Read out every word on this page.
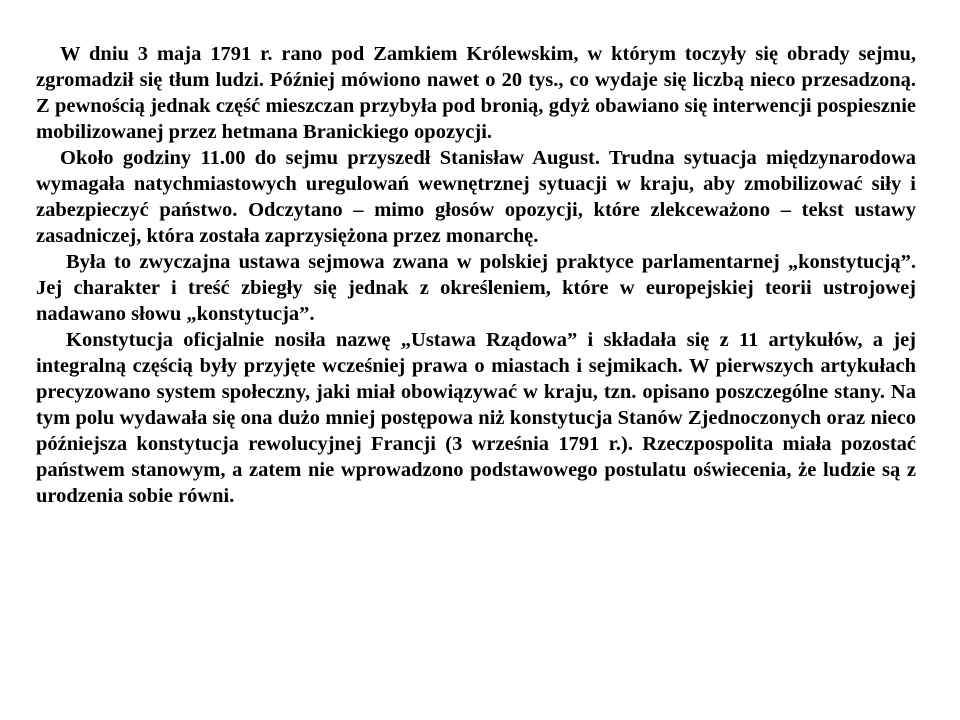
W dniu 3 maja 1791 r. rano pod Zamkiem Królewskim, w którym toczyły się obrady sejmu, zgromadził się tłum ludzi. Później mówiono nawet o 20 tys., co wydaje się liczbą nieco przesadzoną. Z pewnością jednak część mieszczan przybyła pod bronią, gdyż obawiano się interwencji pospiesznie mobilizowanej przez hetmana Branickiego opozycji.

Około godziny 11.00 do sejmu przyszedł Stanisław August. Trudna sytuacja międzynarodowa wymagała natychmiastowych uregulowań wewnętrznej sytuacji w kraju, aby zmobilizować siły i zabezpieczyć państwo. Odczytano – mimo głosów opozycji, które zlekceważono – tekst ustawy zasadniczej, która została zaprzysiężona przez monarchę.

Była to zwyczajna ustawa sejmowa zwana w polskiej praktyce parlamentarnej „konstytucją”. Jej charakter i treść zbiegły się jednak z określeniem, które w europejskiej teorii ustrojowej nadawano słowu „konstytucja”.

Konstytucja oficjalnie nosiła nazwę „Ustawa Rządowa” i składała się z 11 artykułów, a jej integralną częścią były przyjęte wcześniej prawa o miastach i sejmikach. W pierwszych artykułach precyzowano system społeczny, jaki miał obowiązywać w kraju, tzn. opisano poszczególne stany. Na tym polu wydawała się ona dużo mniej postępowa niż konstytucja Stanów Zjednoczonych oraz nieco późniejsza konstytucja rewolucyjnej Francji (3 września 1791 r.). Rzeczpospolita miała pozostać państwem stanowym, a zatem nie wprowadzono podstawowego postulatu oświecenia, że ludzie są z urodzenia sobie równi.
